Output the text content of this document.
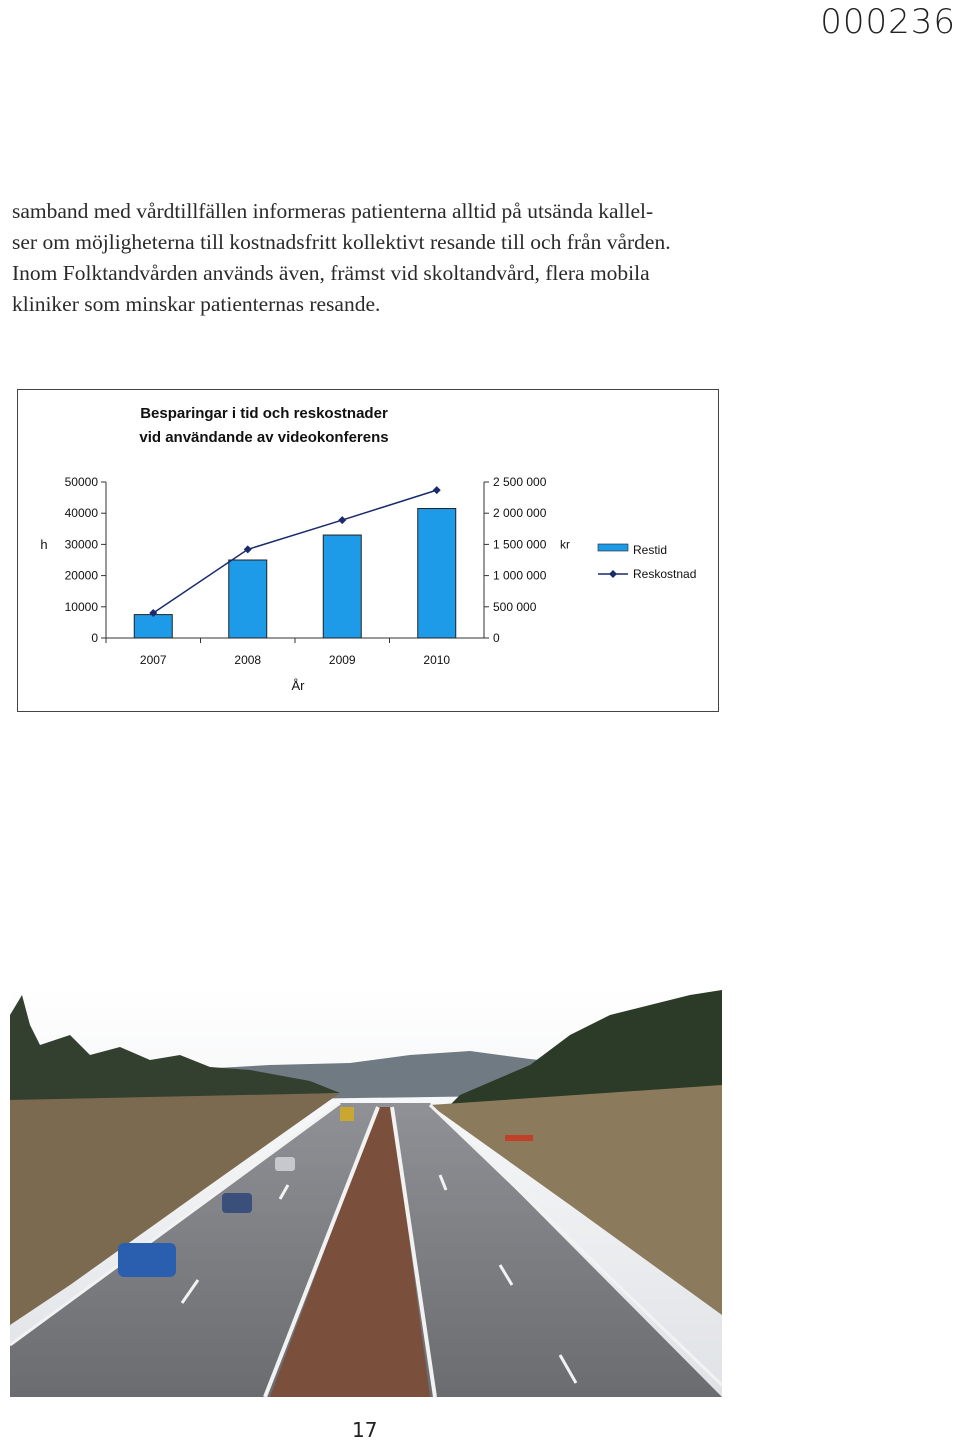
000236

samband med vårdtillfällen informeras patienterna alltid på utsända kallel-

ser om möjligheterna till kostnadsfritt kollektivt resande till och från vården.

Inom Folktandvården används även, främst vid skoltandvård, flera mobila

kliniker som minskar patienternas resande.

Besparingar i tid och reskostnader
vid användande av videokonferens
h
År
0
10000
20000
30000
40000
50000
0
500 000
1 000 000
1 500 000 kr
2 000 000
2 500 000
2007	2008	2009	2010
Restid
Reskostnad
17
